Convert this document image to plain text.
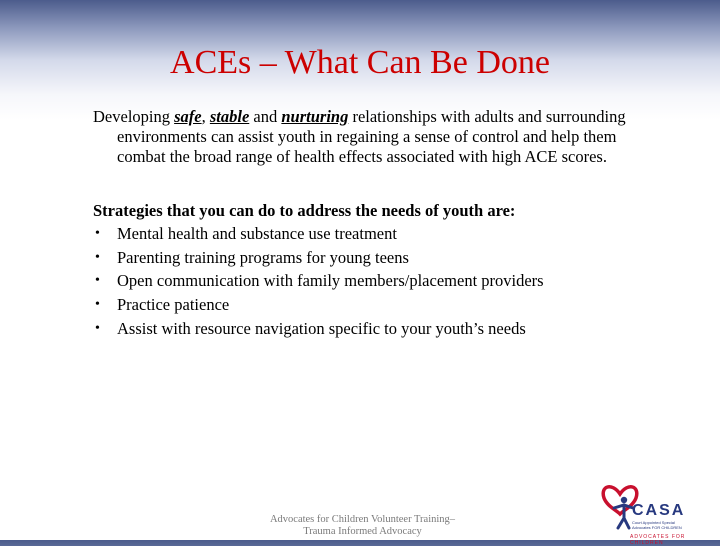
ACEs – What Can Be Done

Developing safe, stable and nurturing relationships with adults and surrounding environments can assist youth in regaining a sense of control and help them combat the broad range of health effects associated with high ACE scores.

Strategies that you can do to address the needs of youth are:

• Mental health and substance use treatment
• Parenting training programs for young teens
• Open communication with family members/placement providers
• Practice patience
• Assist with resource navigation specific to your youth’s needs
Advocates for Children Volunteer Training–
Trauma Informed Advocacy
CASA
Court Appointed Special Advocates FOR CHILDREN
ADVOCATES FOR CHILDREN
